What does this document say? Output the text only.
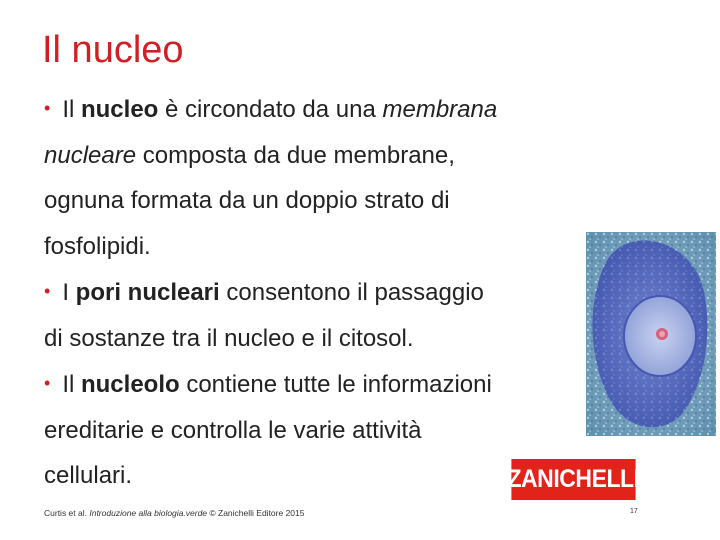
Il nucleo
• Il nucleo è circondato da una membrana
nucleare composta da due membrane,
ognuna formata da un doppio strato di
fosfolipidi.
• I pori nucleari consentono il passaggio
di sostanze tra il nucleo e il citosol.
• Il nucleolo contiene tutte le informazioni
ereditarie e controlla le varie attività
cellulari.	ZANICHELLI
Curtis et al. Introduzione alla biologia.verde © Zanichelli Editore 2015	17
